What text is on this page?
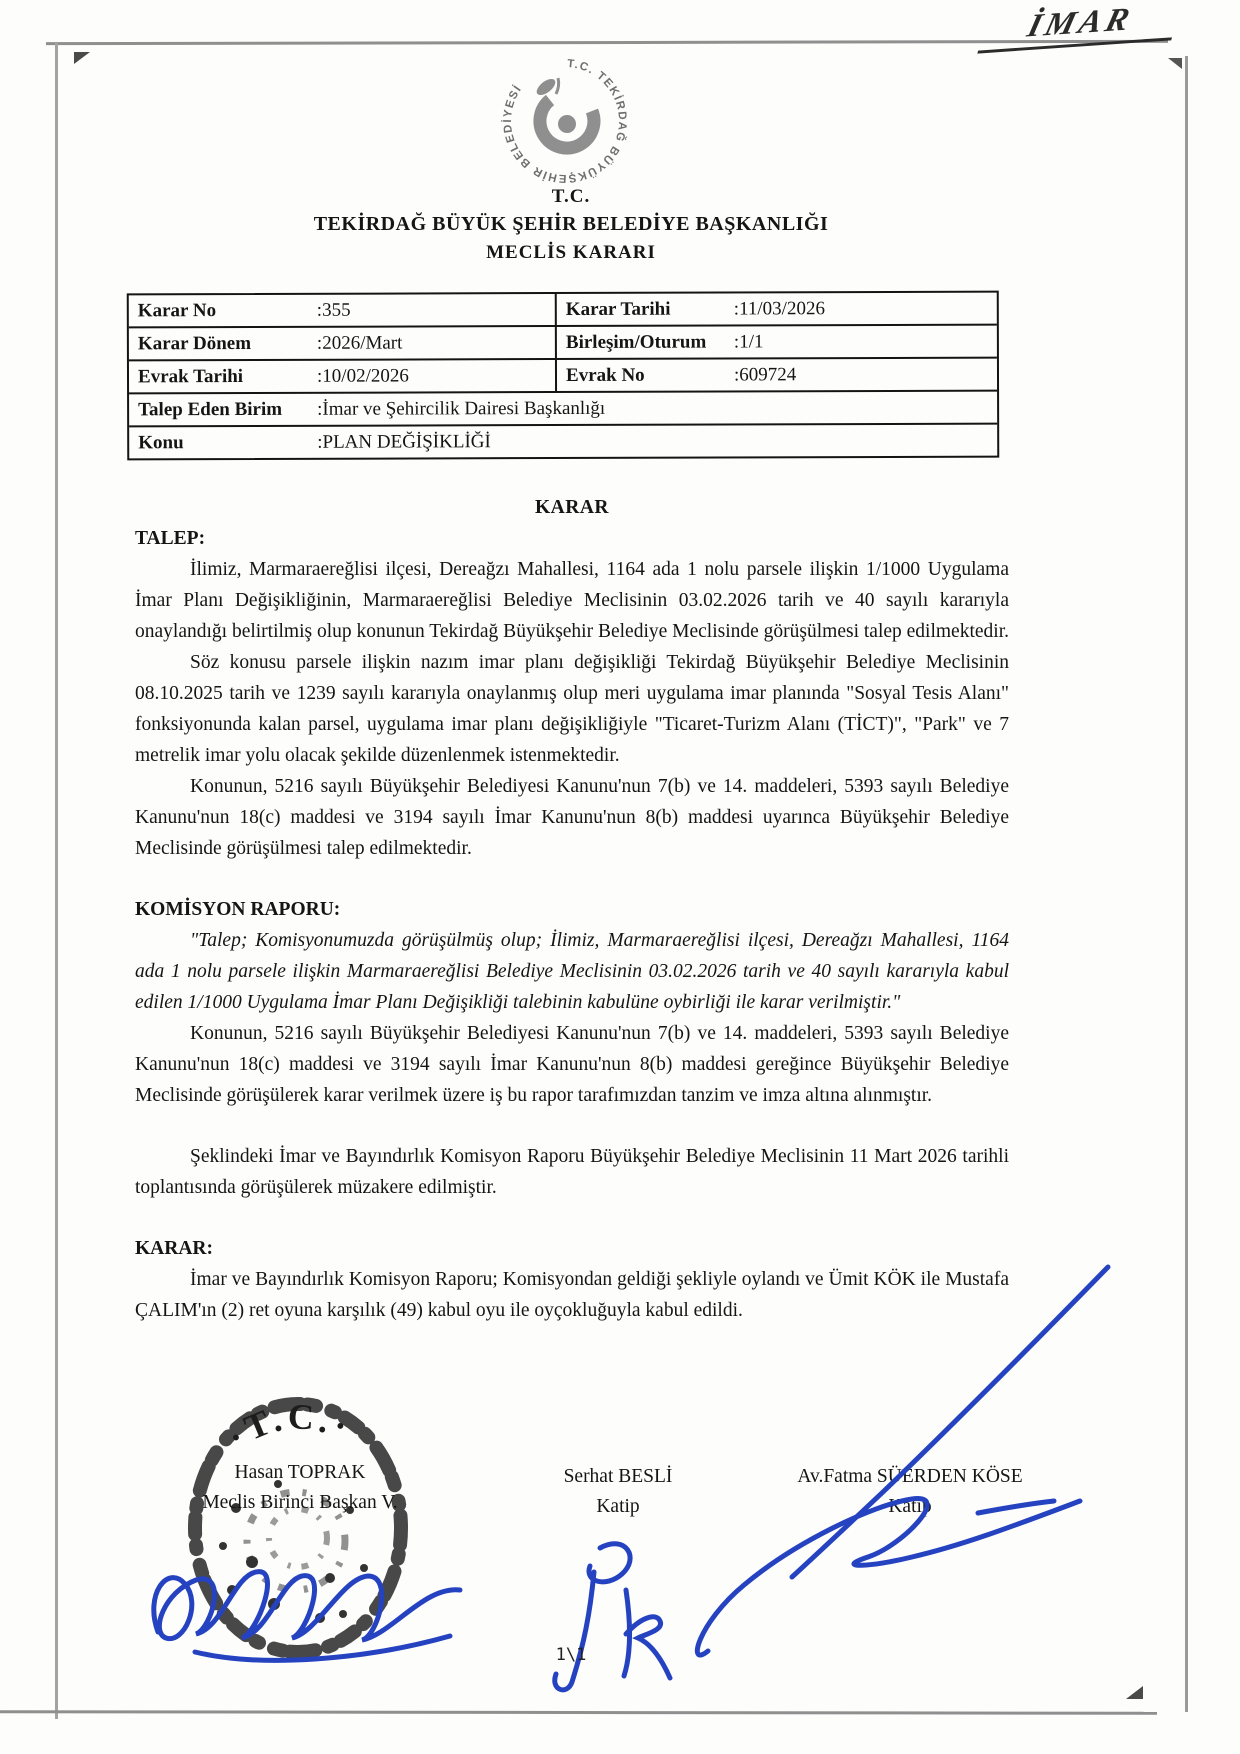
İMAR
T.C. TEKİRDAĞ BÜYÜKŞEHİR BELEDİYESİ
T.C.
TEKİRDAĞ BÜYÜK ŞEHİR BELEDİYE BAŞKANLIĞI
MECLİS KARARI
Karar No	:355	Karar Tarihi	:11/03/2026
Karar Dönem	:2026/Mart	Birleşim/Oturum	:1/1
Evrak Tarihi	:10/02/2026	Evrak No	:609724
Talep Eden Birim	:İmar ve Şehircilik Dairesi Başkanlığı
Konu	:PLAN DEĞİŞİKLİĞİ
KARAR
TALEP:

İlimiz, Marmaraereğlisi ilçesi, Dereağzı Mahallesi, 1164 ada 1 nolu parsele ilişkin 1/1000 Uygulama İmar Planı Değişikliğinin, Marmaraereğlisi Belediye Meclisinin 03.02.2026 tarih ve 40 sayılı kararıyla onaylandığı belirtilmiş olup konunun Tekirdağ Büyükşehir Belediye Meclisinde görüşülmesi talep edilmektedir.

Söz konusu parsele ilişkin nazım imar planı değişikliği Tekirdağ Büyükşehir Belediye Meclisinin 08.10.2025 tarih ve 1239 sayılı kararıyla onaylanmış olup meri uygulama imar planında "Sosyal Tesis Alanı" fonksiyonunda kalan parsel, uygulama imar planı değişikliğiyle "Ticaret-Turizm Alanı (TİCT)", "Park" ve 7 metrelik imar yolu olacak şekilde düzenlenmek istenmektedir.

Konunun, 5216 sayılı Büyükşehir Belediyesi Kanunu'nun 7(b) ve 14. maddeleri, 5393 sayılı Belediye Kanunu'nun 18(c) maddesi ve 3194 sayılı İmar Kanunu'nun 8(b) maddesi uyarınca Büyükşehir Belediye Meclisinde görüşülmesi talep edilmektedir.

KOMİSYON RAPORU:

"Talep; Komisyonumuzda görüşülmüş olup; İlimiz, Marmaraereğlisi ilçesi, Dereağzı Mahallesi, 1164 ada 1 nolu parsele ilişkin Marmaraereğlisi Belediye Meclisinin 03.02.2026 tarih ve 40 sayılı kararıyla kabul edilen 1/1000 Uygulama İmar Planı Değişikliği talebinin kabulüne oybirliği ile karar verilmiştir."

Konunun, 5216 sayılı Büyükşehir Belediyesi Kanunu'nun 7(b) ve 14. maddeleri, 5393 sayılı Belediye Kanunu'nun 18(c) maddesi ve 3194 sayılı İmar Kanunu'nun 8(b) maddesi gereğince Büyükşehir Belediye Meclisinde görüşülerek karar verilmek üzere iş bu rapor tarafımızdan tanzim ve imza altına alınmıştır.

Şeklindeki İmar ve Bayındırlık Komisyon Raporu Büyükşehir Belediye Meclisinin 11 Mart 2026 tarihli toplantısında görüşülerek müzakere edilmiştir.

KARAR:

İmar ve Bayındırlık Komisyon Raporu; Komisyondan geldiği şekliyle oylandı ve Ümit KÖK ile Mustafa ÇALIM'ın (2) ret oyuna karşılık (49) kabul oyu ile oyçokluğuyla kabul edildi.

·T.C.·
Hasan TOPRAK
Meclis Birinci Başkan V.
Serhat BESLİ
Katip
Av.Fatma SÜERDEN KÖSE
Katip
1\1
